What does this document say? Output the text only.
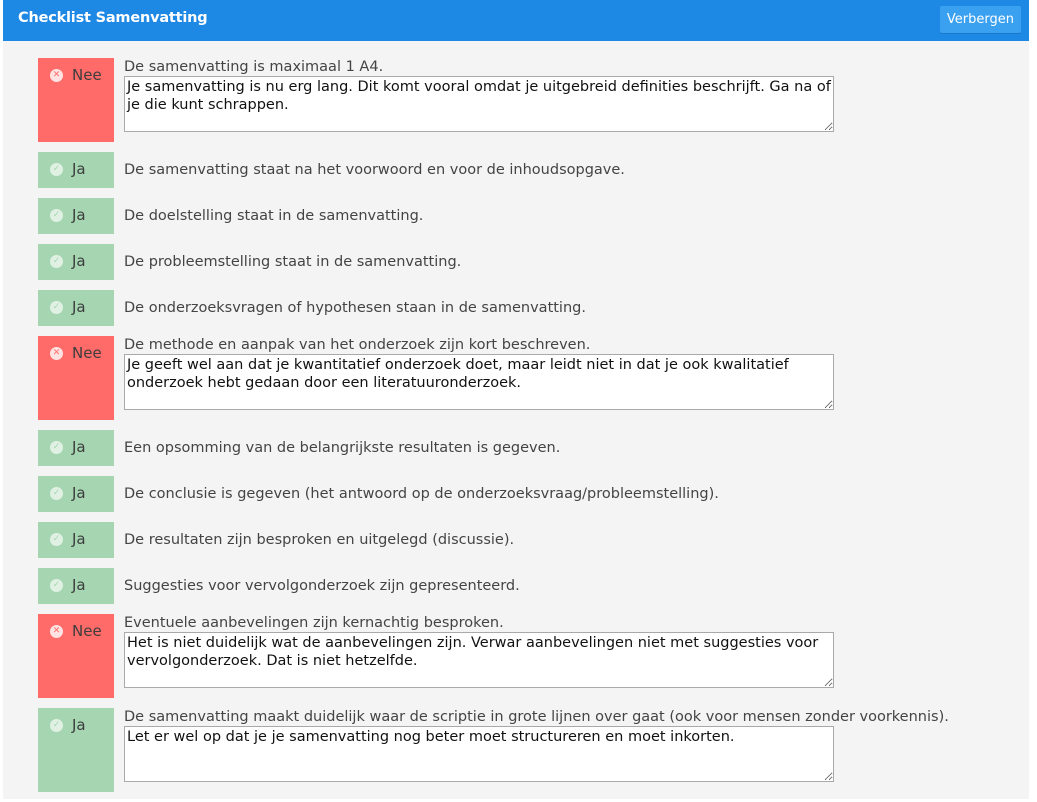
Checklist Samenvatting	Verbergen
✕ Nee De samenvatting is maximaal 1 A4.
Je samenvatting is nu erg lang. Dit komt vooral omdat je uitgebreid definities beschrijft. Ga na of je die kunt schrappen.
✓ Ja	De samenvatting staat na het voorwoord en voor de inhoudsopgave.
✓ Ja	De doelstelling staat in de samenvatting.
✓ Ja	De probleemstelling staat in de samenvatting.
✓ Ja	De onderzoeksvragen of hypothesen staan in de samenvatting.
✕ Nee De methode en aanpak van het onderzoek zijn kort beschreven.
Je geeft wel aan dat je kwantitatief onderzoek doet, maar leidt niet in dat je ook kwalitatief onderzoek hebt gedaan door een literatuuronderzoek.
✓ Ja	Een opsomming van de belangrijkste resultaten is gegeven.
✓ Ja	De conclusie is gegeven (het antwoord op de onderzoeksvraag/probleemstelling).
✓ Ja	De resultaten zijn besproken en uitgelegd (discussie).
✓ Ja	Suggesties voor vervolgonderzoek zijn gepresenteerd.
✕ Nee Eventuele aanbevelingen zijn kernachtig besproken.
Het is niet duidelijk wat de aanbevelingen zijn. Verwar aanbevelingen niet met suggesties voor vervolgonderzoek. Dat is niet hetzelfde.
✓ Ja	De samenvatting maakt duidelijk waar de scriptie in grote lijnen over gaat (ook voor mensen zonder voorkennis).
Let er wel op dat je je samenvatting nog beter moet structureren en moet inkorten.
